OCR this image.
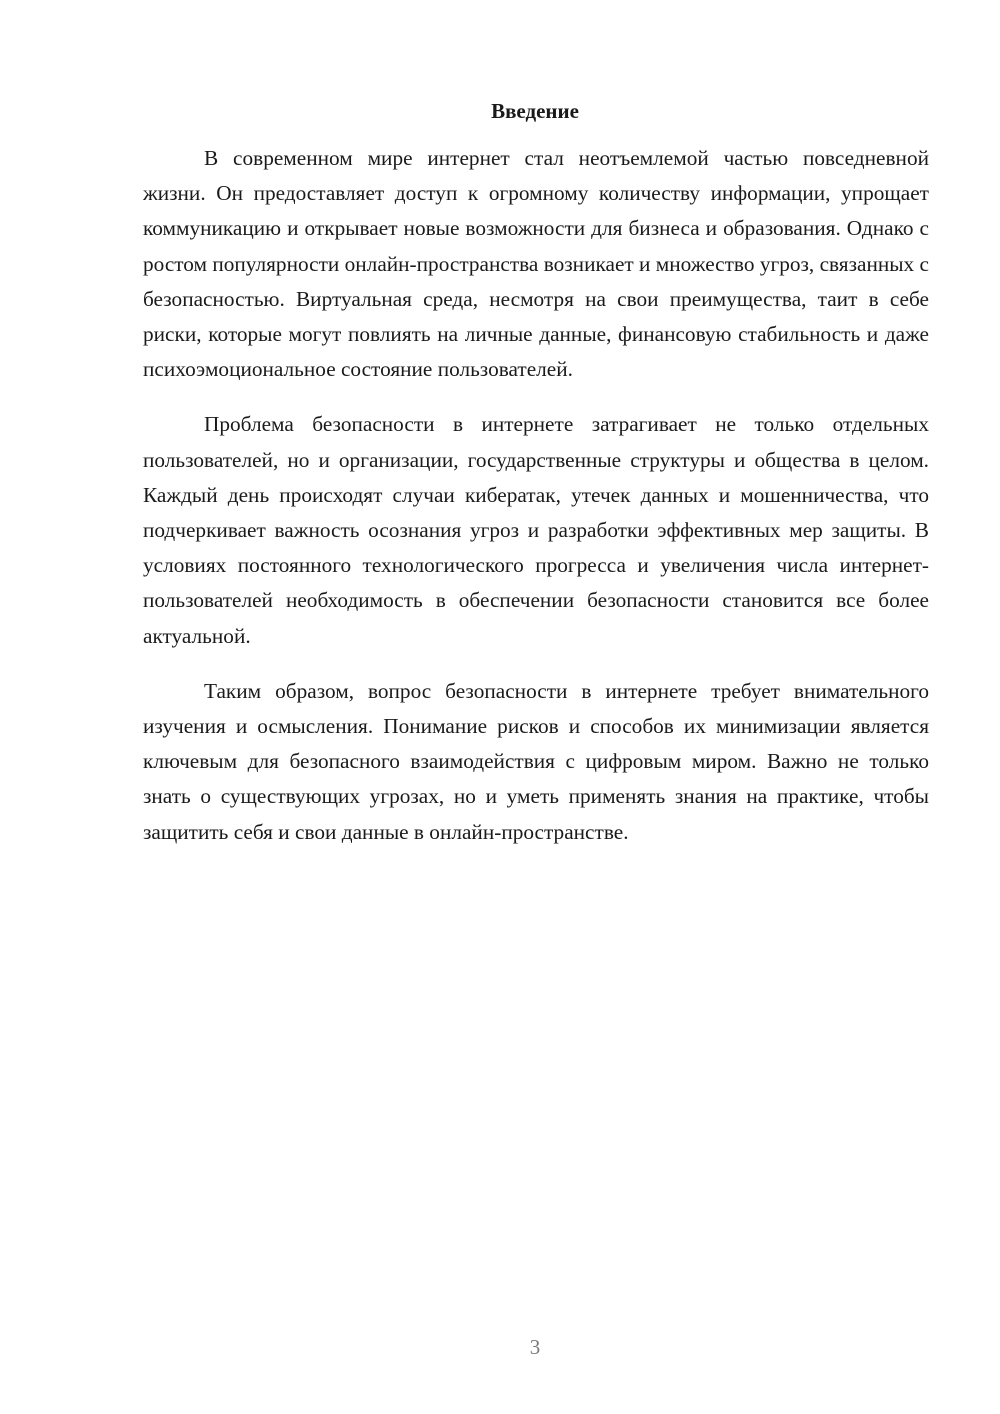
Введение

В современном мире интернет стал неотъемлемой частью повседневной жизни. Он предоставляет доступ к огромному количеству информации, упрощает коммуникацию и открывает новые возможности для бизнеса и образования. Однако с ростом популярности онлайн-пространства возникает и множество угроз, связанных с безопасностью. Виртуальная среда, несмотря на свои преимущества, таит в себе риски, которые могут повлиять на личные данные, финансовую стабильность и даже психоэмоциональное состояние пользователей.

Проблема безопасности в интернете затрагивает не только отдельных пользователей, но и организации, государственные структуры и общества в целом. Каждый день происходят случаи кибератак, утечек данных и мошенничества, что подчеркивает важность осознания угроз и разработки эффективных мер защиты. В условиях постоянного технологического прогресса и увеличения числа интернет-пользователей необходимость в обеспечении безопасности становится все более актуальной.

Таким образом, вопрос безопасности в интернете требует внимательного изучения и осмысления. Понимание рисков и способов их минимизации является ключевым для безопасного взаимодействия с цифровым миром. Важно не только знать о существующих угрозах, но и уметь применять знания на практике, чтобы защитить себя и свои данные в онлайн-пространстве.

3
